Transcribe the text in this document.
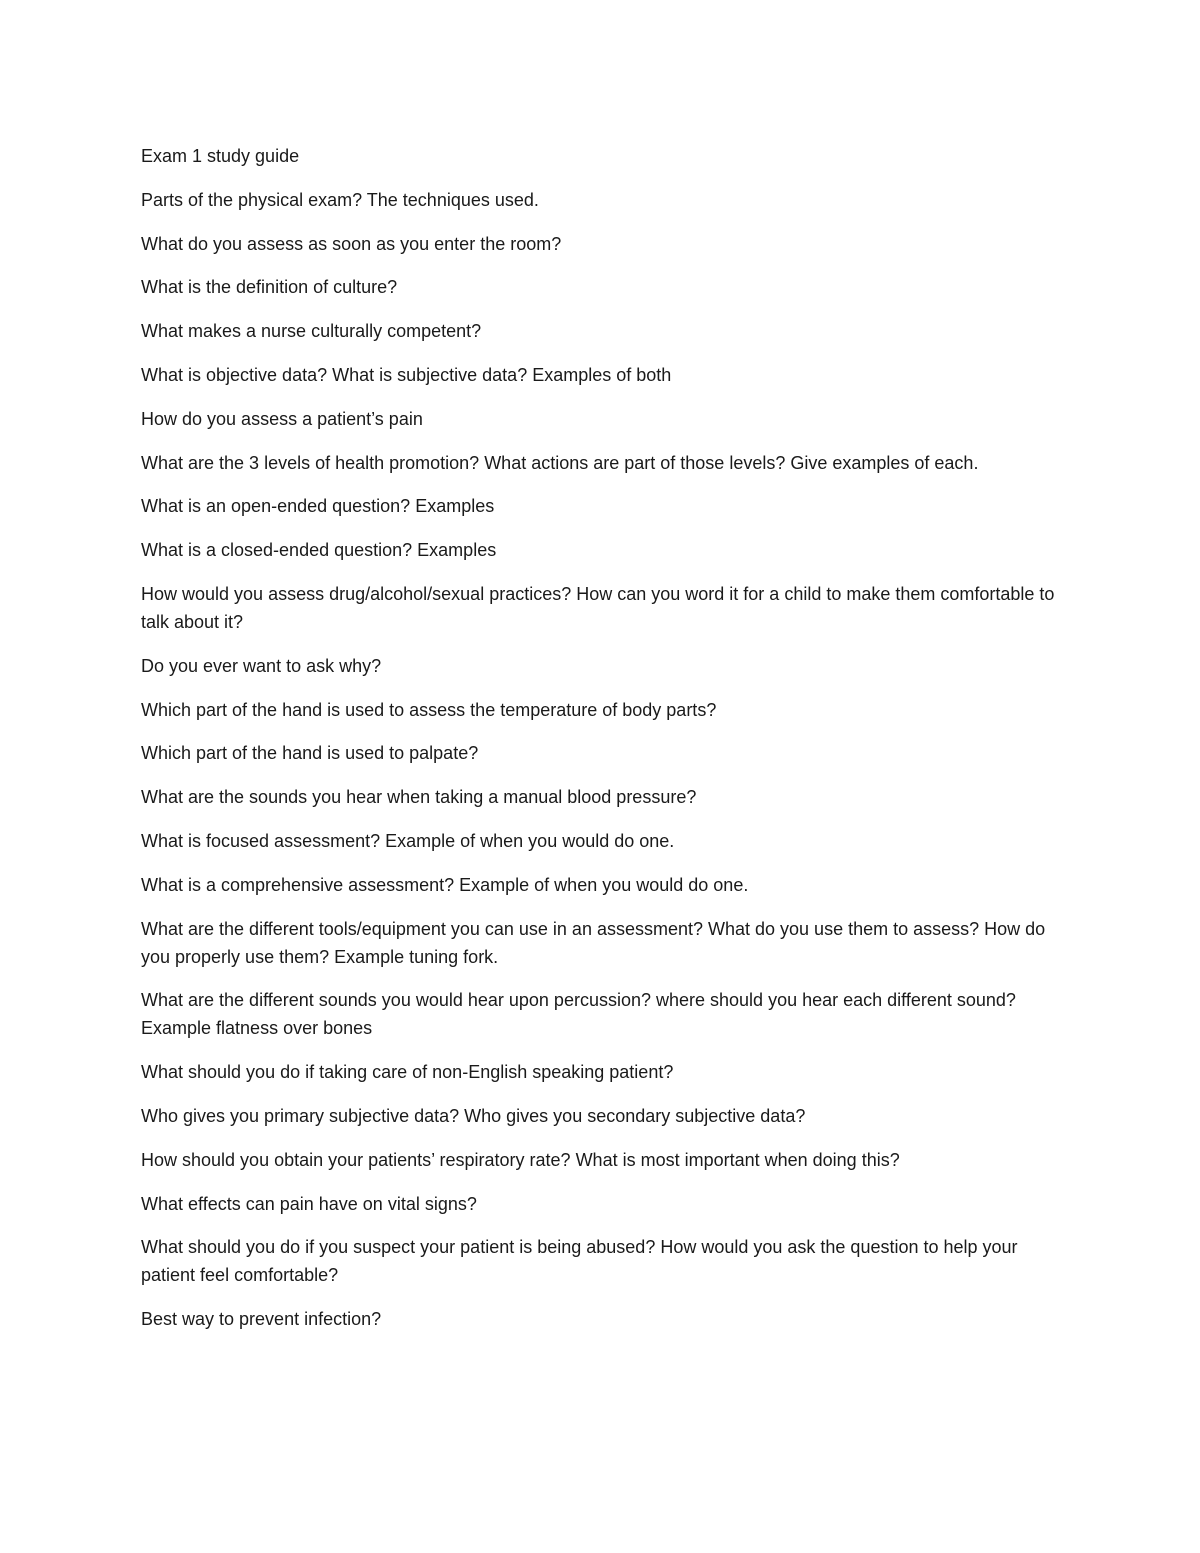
Exam 1 study guide
Parts of the physical exam? The techniques used.
What do you assess as soon as you enter the room?
What is the definition of culture?
What makes a nurse culturally competent?
What is objective data? What is subjective data? Examples of both
How do you assess a patient’s pain
What are the 3 levels of health promotion? What actions are part of those levels? Give examples of each.
What is an open-ended question? Examples
What is a closed-ended question? Examples
How would you assess drug/alcohol/sexual practices? How can you word it for a child to make them comfortable to talk about it?
Do you ever want to ask why?
Which part of the hand is used to assess the temperature of body parts?
Which part of the hand is used to palpate?
What are the sounds you hear when taking a manual blood pressure?
What is focused assessment? Example of when you would do one.
What is a comprehensive assessment? Example of when you would do one.
What are the different tools/equipment you can use in an assessment? What do you use them to assess? How do you properly use them? Example tuning fork.
What are the different sounds you would hear upon percussion? where should you hear each different sound? Example flatness over bones
What should you do if taking care of non-English speaking patient?
Who gives you primary subjective data? Who gives you secondary subjective data?
How should you obtain your patients’ respiratory rate? What is most important when doing this?
What effects can pain have on vital signs?
What should you do if you suspect your patient is being abused? How would you ask the question to help your patient feel comfortable?
Best way to prevent infection?
